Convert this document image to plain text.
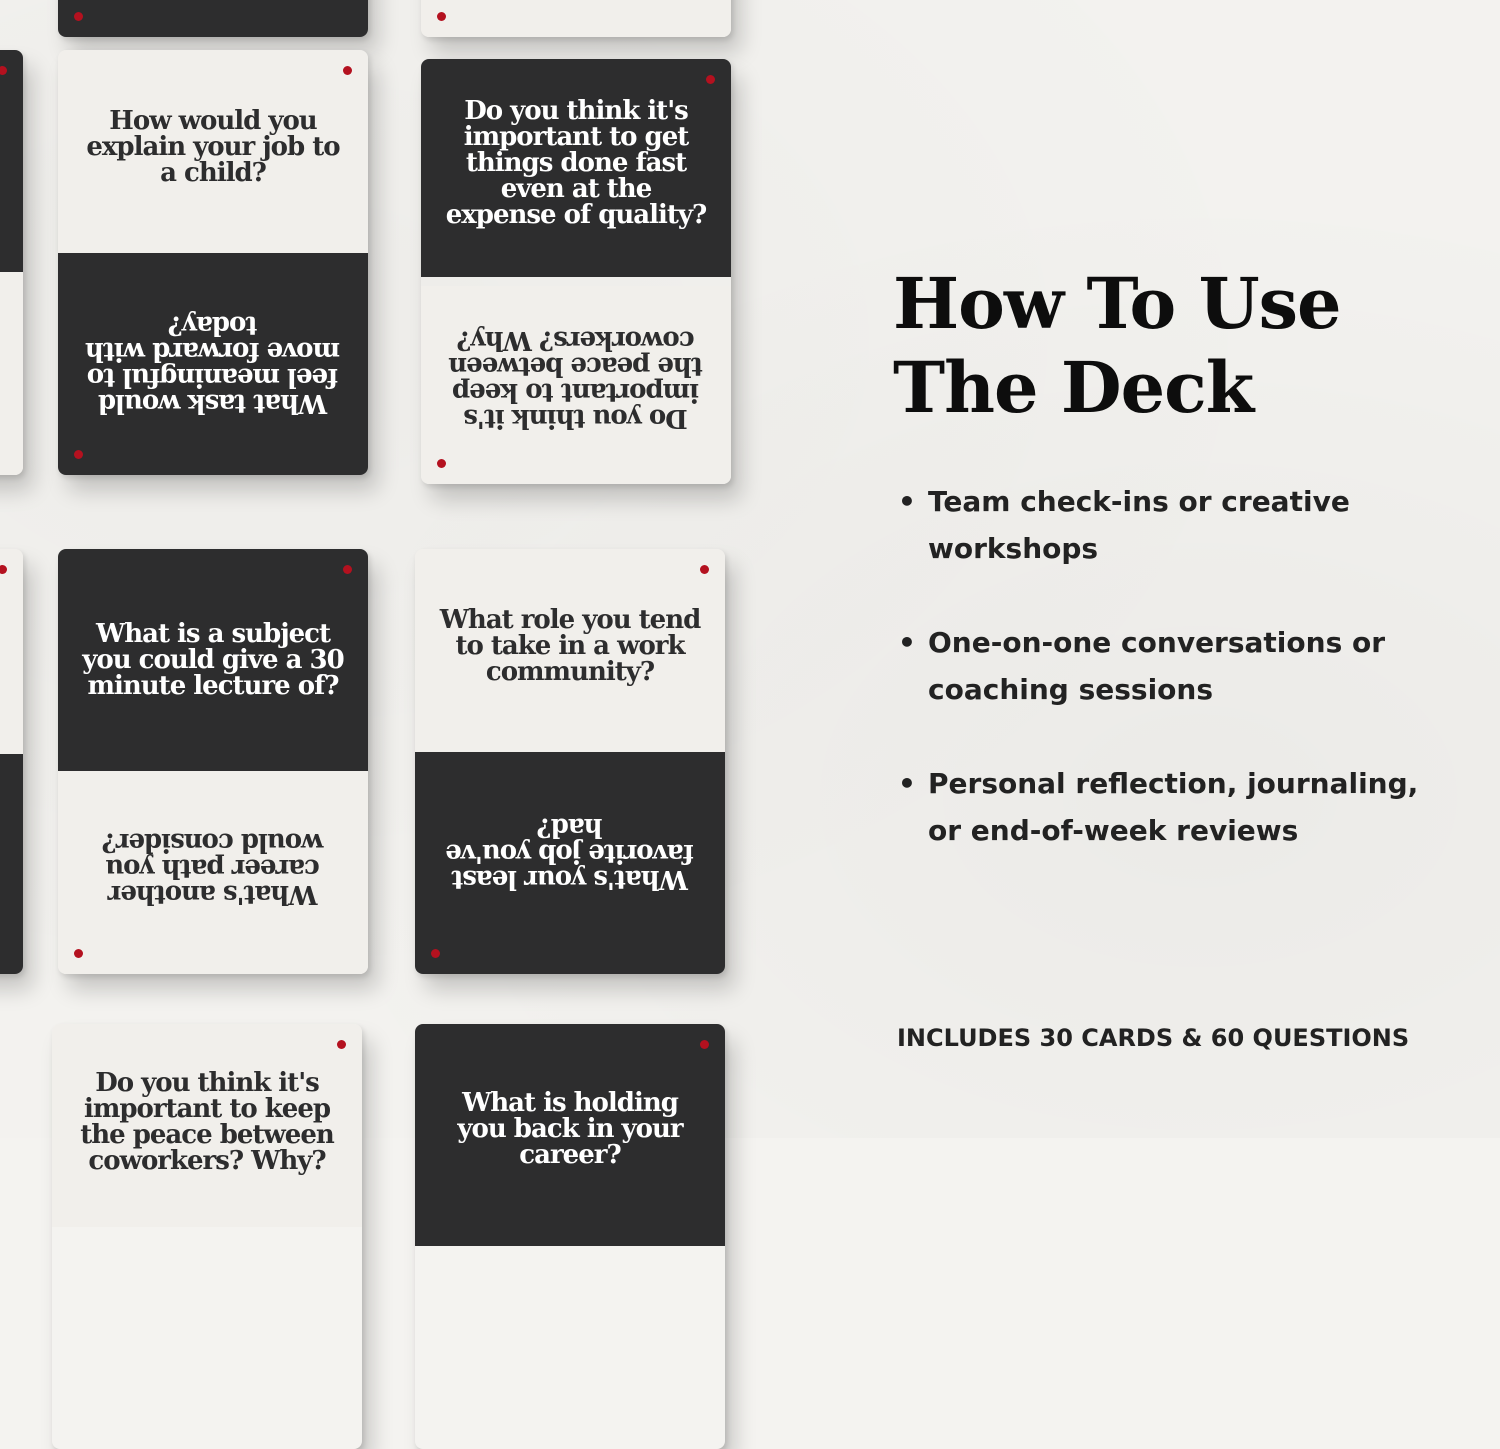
How would you explain your job to a child?
What task would feel meaningful to move forward with today?
Do you think it's important to get things done fast even at the expense of quality?
Do you think it's important to keep the peace between coworkers? Why?
What is a subject you could give a 30 minute lecture of?
What's another career path you would consider?
What role you tend to take in a work community?
What's your least favorite job you've had?
Do you think it's important to keep the peace between coworkers? Why?
What is holding you back in your career?
How To Use
The Deck
• Team check-ins or creative workshops
• One-on-one conversations or coaching sessions
• Personal reflection, journaling, or end-of-week reviews
INCLUDES 30 CARDS & 60 QUESTIONS
